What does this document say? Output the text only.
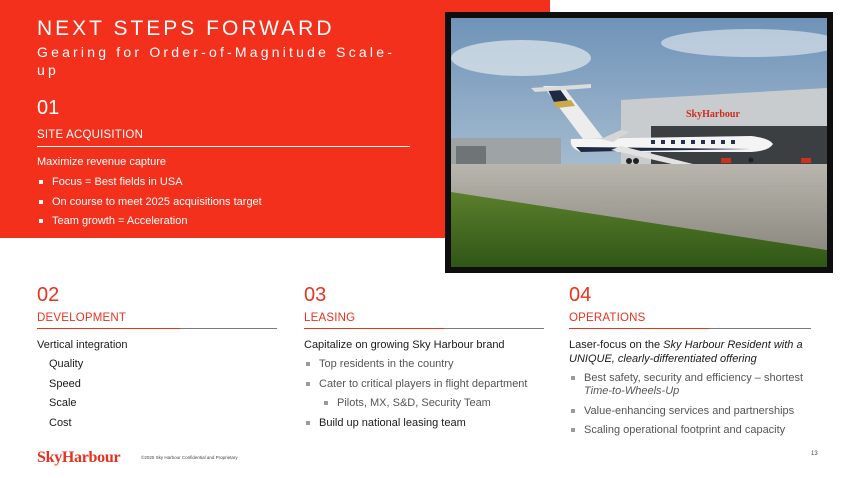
NEXT STEPS FORWARD

Gearing for Order-of-Magnitude Scale-up

01
SITE ACQUISITION
Maximize revenue capture
Focus = Best fields in USA
On course to meet 2025 acquisitions target
Team growth = Acceleration
SkyHarbour
02
DEVELOPMENT
Vertical integration
Quality
Speed
Scale
Cost
03
LEASING
Capitalize on growing Sky Harbour brand
Top residents in the country
Cater to critical players in flight department
Pilots, MX, S&D, Security Team
Build up national leasing team
04
OPERATIONS
Laser-focus on the Sky Harbour Resident with a UNIQUE, clearly-differentiated offering
Best safety, security and efficiency – shortest Time-to-Wheels-Up
Value-enhancing services and partnerships
Scaling operational footprint and capacity
SkyHarbour	©2025 Sky Harbour Confidential and Proprietary
13
